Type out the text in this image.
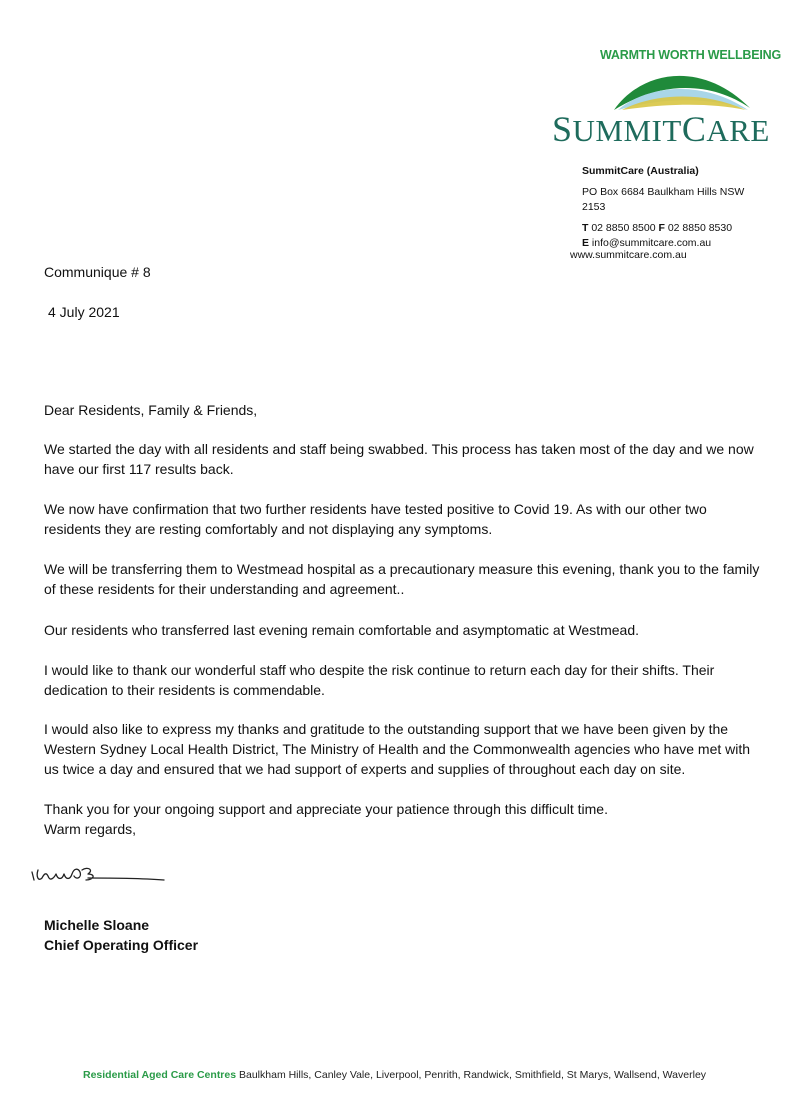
WARMTH WORTH WELLBEING
SUMMITCARE
SummitCare (Australia)
PO Box 6684 Baulkham Hills NSW
2153
T 02 8850 8500 F 02 8850 8530
E info@summitcare.com.au
www.summitcare.com.au
Communique # 8
4 July 2021
Dear Residents, Family & Friends,
We started the day with all residents and staff being swabbed. This process has taken most of the day and we now have our first 117 results back.
We now have confirmation that two further residents have tested positive to Covid 19. As with our other two residents they are resting comfortably and not displaying any symptoms.
We will be transferring them to Westmead hospital as a precautionary measure this evening, thank you to the family of these residents for their understanding and agreement..
Our residents who transferred last evening remain comfortable and asymptomatic at Westmead.
I would like to thank our wonderful staff who despite the risk continue to return each day for their shifts. Their dedication to their residents is commendable.
I would also like to express my thanks and gratitude to the outstanding support that we have been given by the Western Sydney Local Health District, The Ministry of Health and the Commonwealth agencies who have met with us twice a day and ensured that we had support of experts and supplies of throughout each day on site.
Thank you for your ongoing support and appreciate your patience through this difficult time.
Warm regards,
Michelle Sloane
Chief Operating Officer
Residential Aged Care Centres Baulkham Hills, Canley Vale, Liverpool, Penrith, Randwick, Smithfield, St Marys, Wallsend, Waverley
